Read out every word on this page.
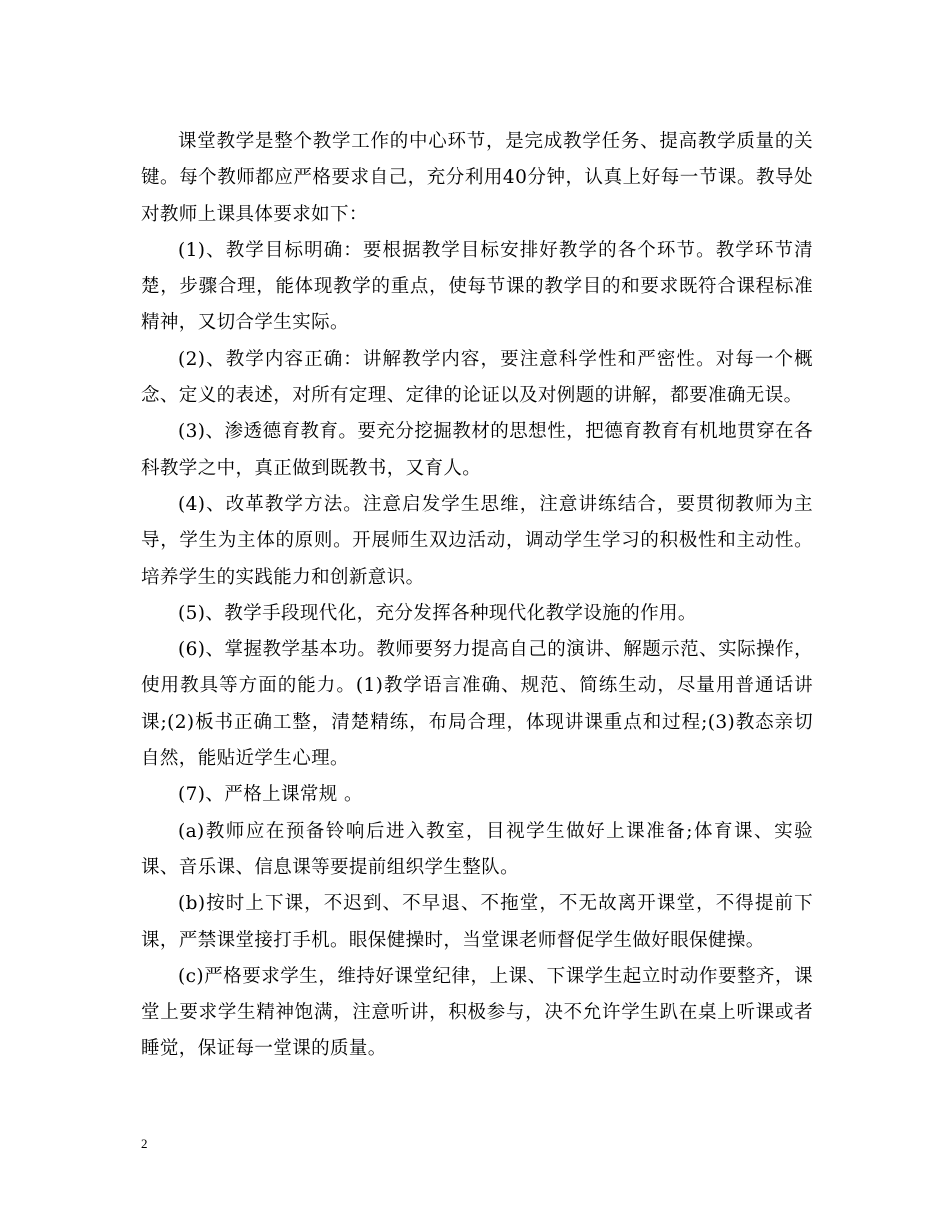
课堂教学是整个教学工作的中心环节，是完成教学任务、提高教学质量的关键。每个教师都应严格要求自己，充分利用40分钟，认真上好每一节课。教导处对教师上课具体要求如下：

(1)、教学目标明确：要根据教学目标安排好教学的各个环节。教学环节清楚，步骤合理，能体现教学的重点，使每节课的教学目的和要求既符合课程标准精神，又切合学生实际。

(2)、教学内容正确：讲解教学内容，要注意科学性和严密性。对每一个概念、定义的表述，对所有定理、定律的论证以及对例题的讲解，都要准确无误。

(3)、渗透德育教育。要充分挖掘教材的思想性，把德育教育有机地贯穿在各科教学之中，真正做到既教书，又育人。

(4)、改革教学方法。注意启发学生思维，注意讲练结合，要贯彻教师为主导，学生为主体的原则。开展师生双边活动，调动学生学习的积极性和主动性。培养学生的实践能力和创新意识。

(5)、教学手段现代化，充分发挥各种现代化教学设施的作用。

(6)、掌握教学基本功。教师要努力提高自己的演讲、解题示范、实际操作，使用教具等方面的能力。(1)教学语言准确、规范、简练生动，尽量用普通话讲课;(2)板书正确工整，清楚精练，布局合理，体现讲课重点和过程;(3)教态亲切自然，能贴近学生心理。

(7)、严格上课常规 。

(a)教师应在预备铃响后进入教室，目视学生做好上课准备;体育课、实验课、音乐课、信息课等要提前组织学生整队。

(b)按时上下课，不迟到、不早退、不拖堂，不无故离开课堂，不得提前下课，严禁课堂接打手机。眼保健操时，当堂课老师督促学生做好眼保健操。

(c)严格要求学生，维持好课堂纪律，上课、下课学生起立时动作要整齐，课堂上要求学生精神饱满，注意听讲，积极参与，决不允许学生趴在桌上听课或者睡觉，保证每一堂课的质量。

2
